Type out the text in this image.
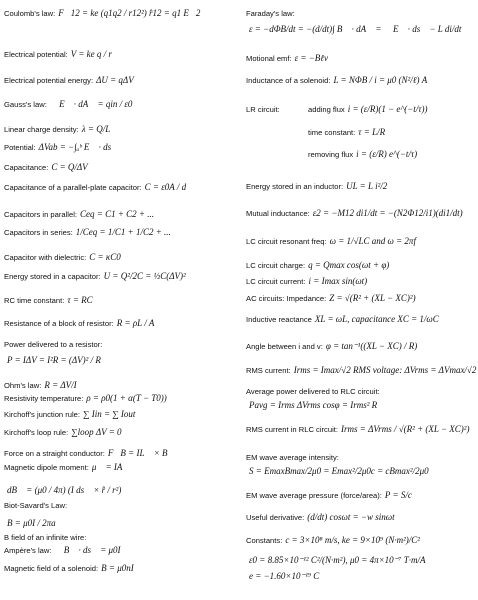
Coulomb's law: F⃗12 = ke (q1q2 / r12²) r̂12 = q1 E⃗2
Electrical potential: V = ke q / r
Electrical potential energy: ΔU = qΔV
Gauss's law: ∮ E⃗ · dA⃗ = qin / ε0
Linear charge density: λ = Q/L
Potential: ΔVab = −∫ₐᵇ E⃗ · ds⃗
Capacitance: C = Q/ΔV
Capacitance of a parallel-plate capacitor: C = ε0A / d
Capacitors in parallel: Ceq = C1 + C2 + ...
Capacitors in series: 1/Ceq = 1/C1 + 1/C2 + ...
Capacitor with dielectric: C = κC0
Energy stored in a capacitor: U = Q²/2C = ½C(ΔV)²
RC time constant: τ = RC
Resistance of a block of resistor: R = ρL / A
Power delivered to a resistor:
P = IΔV = I²R = (ΔV)² / R
Ohm's law: R = ΔV/I
Resistivity temperature: ρ = ρ0(1 + α(T − T0))
Kirchoff's junction rule: ∑ Iin = ∑ Iout
Kirchoff's loop rule: ∑loop ΔV = 0
Force on a straight conductor: F⃗B = IL⃗ × B⃗
Magnetic dipole moment: μ⃗ = IA⃗
dB⃗ = (μ0 / 4π) (I ds⃗ × r̂ / r²)
Biot-Savard's Law:
B = μ0I / 2πa
B field of an infinite wire:
Ampère's law: ∮ B⃗ · ds⃗ = μ0I
Magnetic field of a solenoid: B = μ0nI
Faraday's law:
ε = −dΦB/dt = −(d/dt)∫ B⃗ · dA⃗ = ∮ E⃗ · ds⃗ − L di/dt
Motional emf: ε = −Bℓv
Inductance of a solenoid: L = NΦB / i = μ0 (N²/ℓ) A
LR circuit:	adding flux i = (ε/R)(1 − e^(−t/τ))
time constant: τ = L/R
removing flux i = (ε/R) e^(−t/τ)
Energy stored in an inductor: UL = L i²/2
Mutual inductance: ε2 = −M12 di1/dt = −(N2Φ12/i1)(di1/dt)
LC circuit resonant freq: ω = 1/√LC and ω = 2πf
LC circuit charge: q = Qmax cos(ωt + φ)
LC circuit current: i = Imax sin(ωt)
AC circuits: Impedance: Z = √(R² + (XL − XC)²)
Inductive reactance XL = ωL, capacitance XC = 1/ωC
Angle between i and v: φ = tan⁻¹((XL − XC) / R)
RMS current: Irms = Imax/√2 RMS voltage: ΔVrms = ΔVmax/√2
Average power delivered to RLC circuit:
Pavg = Irms ΔVrms cosφ = Irms² R
RMS current in RLC circuit: Irms = ΔVrms / √(R² + (XL − XC)²)
EM wave average intensity:
S = EmaxBmax/2μ0 = Emax²/2μ0c = cBmax²/2μ0
EM wave average pressure (force/area): P = S/c
Useful derivative: (d/dt) cosωt = −w sinωt
Constants: c = 3×10⁸ m/s, ke = 9×10⁹ (N·m²)/C²
ε0 = 8.85×10⁻¹² C²/(N·m²), μ0 = 4π×10⁻⁷ T·m/A
e = −1.60×10⁻¹⁹ C
